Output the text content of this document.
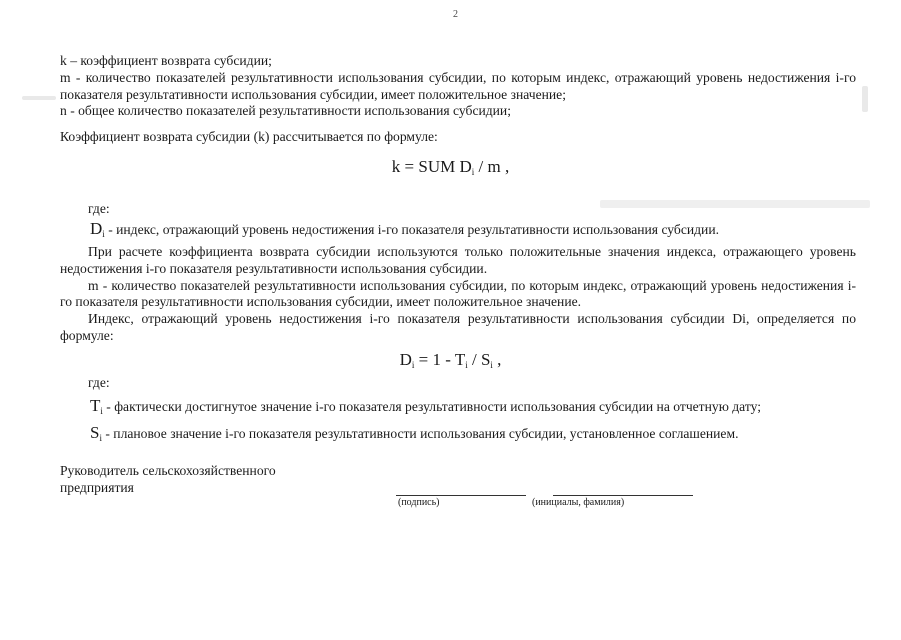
2

k – коэффициент возврата субсидии;

m - количество показателей результативности использования субсидии, по которым индекс, отражающий уровень недостижения i-го показателя результативности использования субсидии, имеет положительное значение;

n - общее количество показателей результативности использования субсидии;

Коэффициент возврата субсидии (k) рассчитывается по формуле:
k = SUM $D_i$ / m ,
где:
$D_i$ - индекс, отражающий уровень недостижения i-го показателя результативности использования субсидии.

При расчете коэффициента возврата субсидии используются только положительные значения индекса, отражающего уровень недостижения i-го показателя результативности использования субсидии.

m - количество показателей результативности использования субсидии, по которым индекс, отражающий уровень недостижения i-го показателя результативности использования субсидии, имеет положительное значение.

Индекс, отражающий уровень недостижения i-го показателя результативности использования субсидии Di, определяется по формуле:

$D_i = 1 - T_i / S_i$ ,
где:
$T_i$ - фактически достигнутое значение i-го показателя результативности использования субсидии на отчетную дату;
$S_i$ - плановое значение i-го показателя результативности использования субсидии, установленное соглашением.
Руководитель сельскохозяйственного
предприятия
(подпись)	(инициалы, фамилия)
